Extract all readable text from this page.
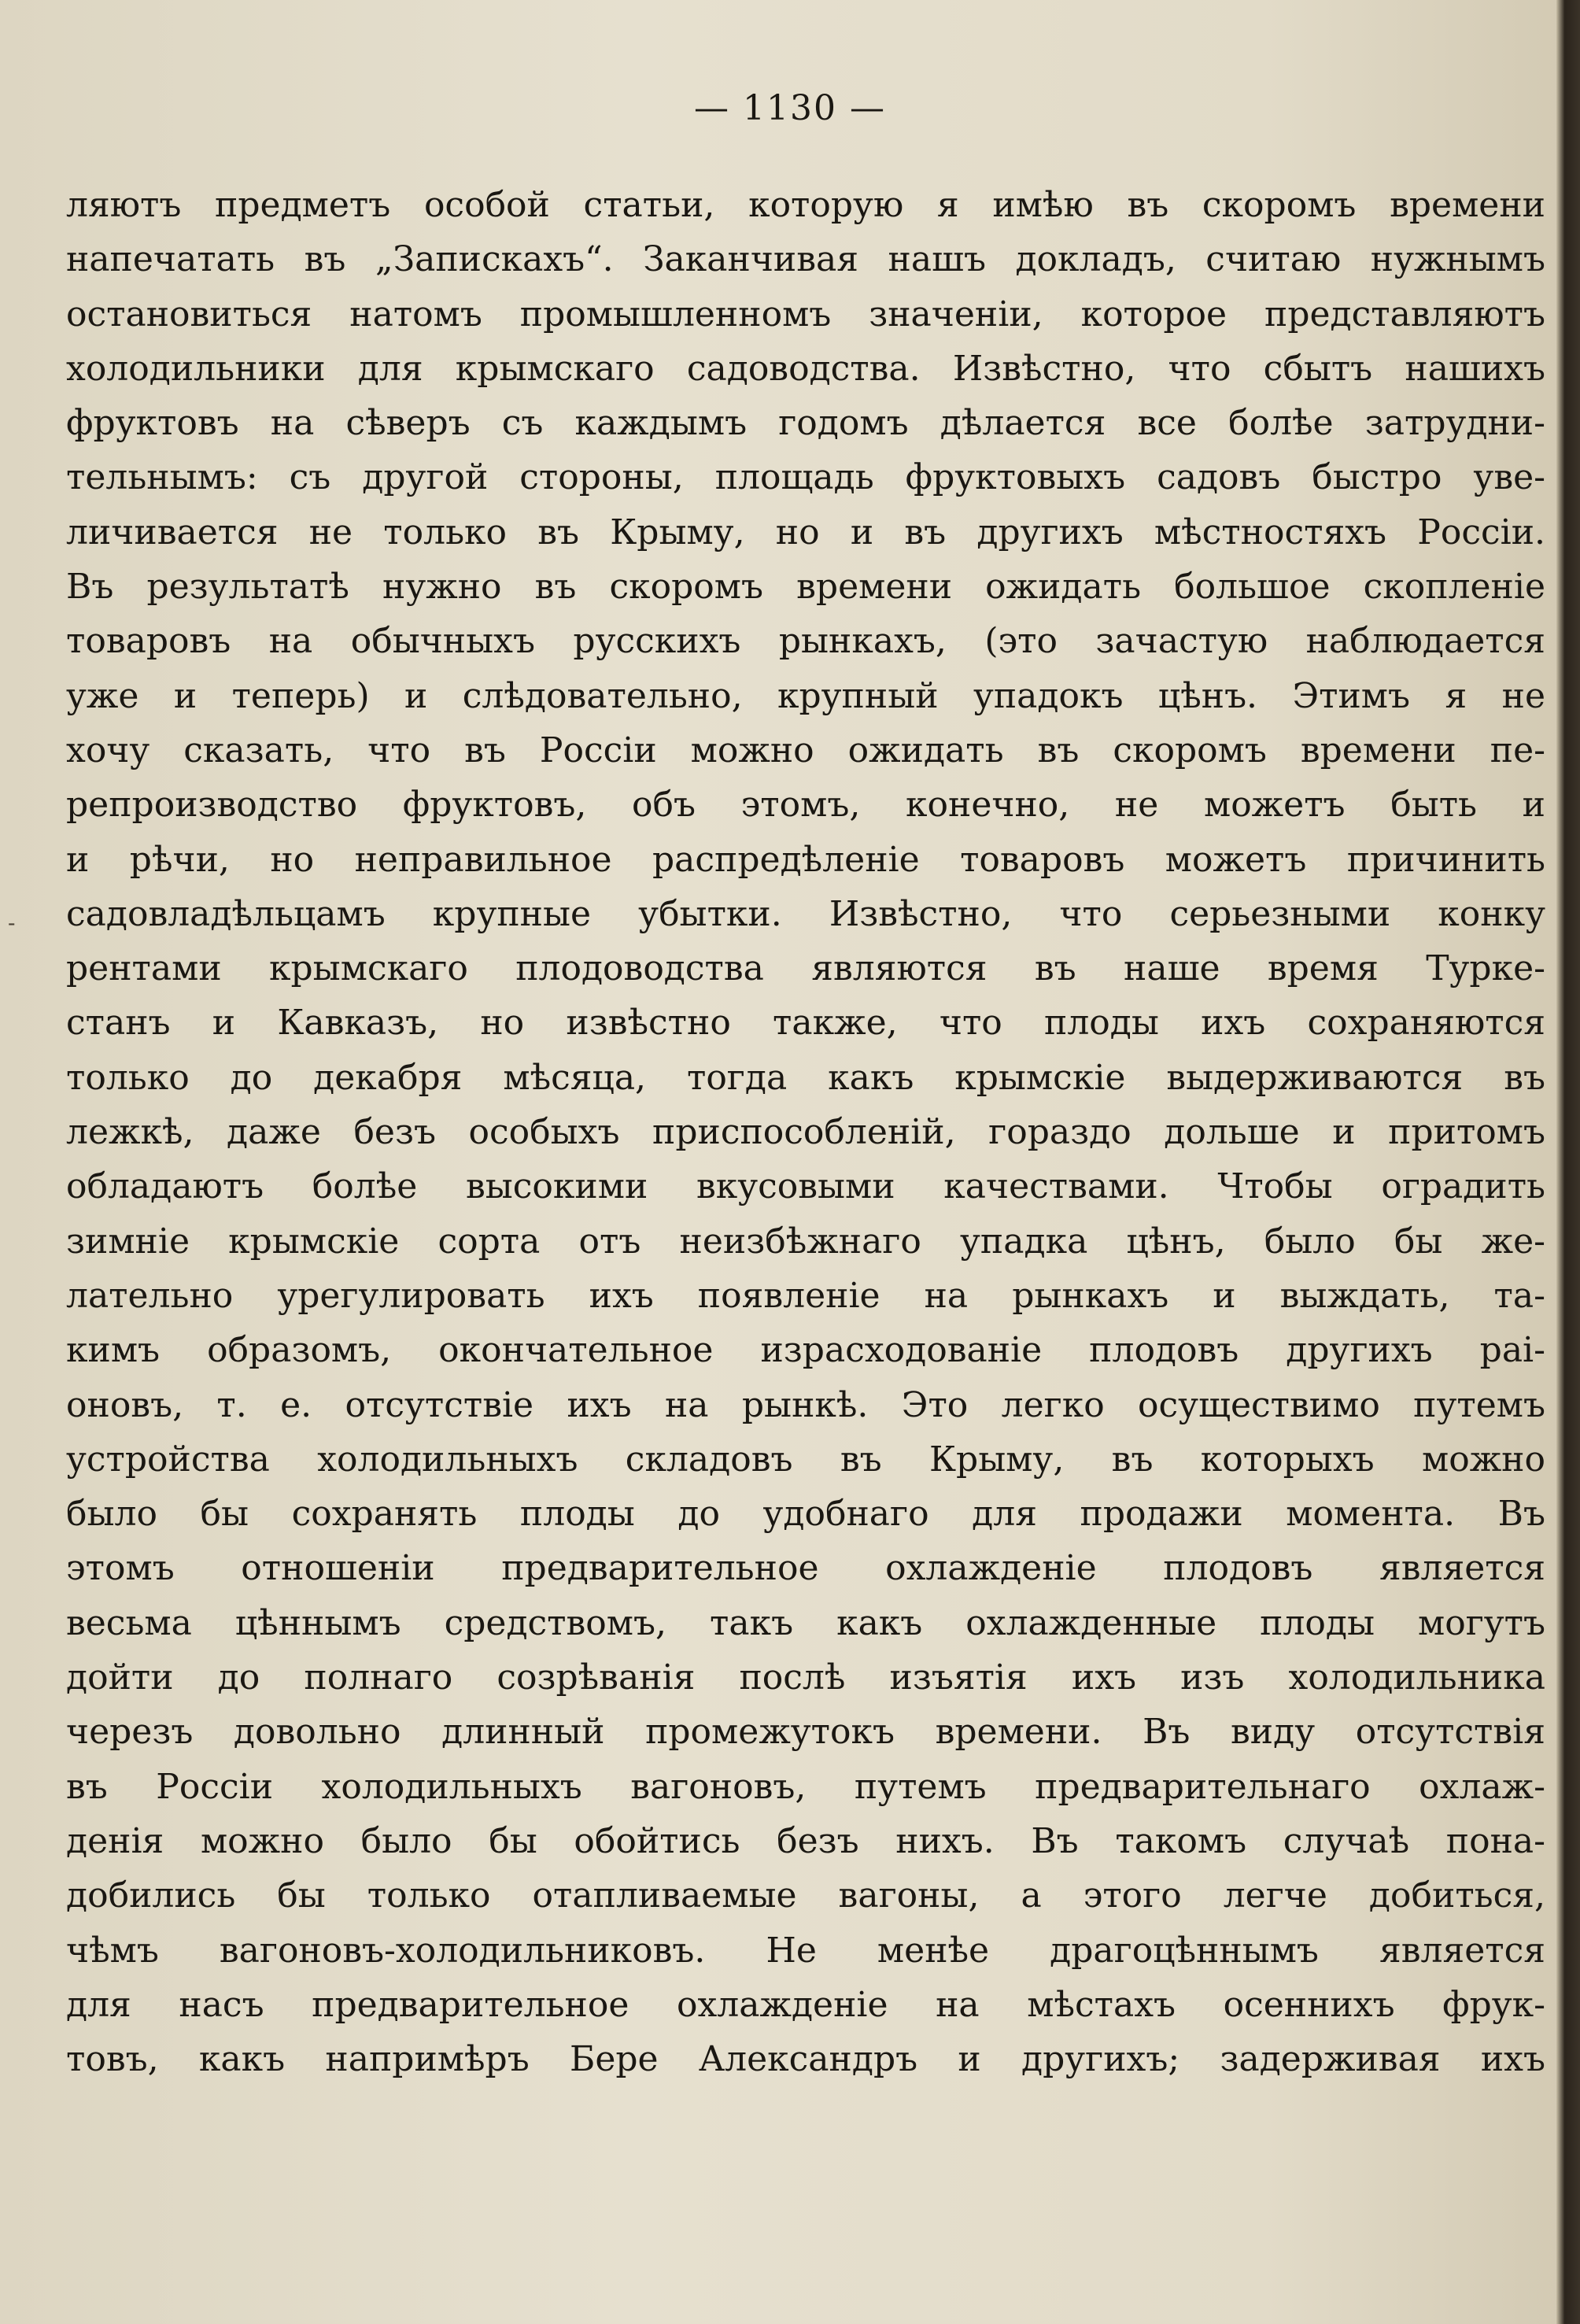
-
— 1130 —
ляютъ предметъ особой статьи, которую я имѣю въ скоромъ времени
напечатать въ „Запискахъ“. Заканчивая нашъ докладъ, считаю нужнымъ
остановиться натомъ промышленномъ значеніи, которое представляютъ
холодильники для крымскаго садоводства. Извѣстно, что сбытъ нашихъ
фруктовъ на сѣверъ съ каждымъ годомъ дѣлается все болѣе затрудни-
тельнымъ: съ другой стороны, площадь фруктовыхъ садовъ быстро уве-
личивается не только въ Крыму, но и въ другихъ мѣстностяхъ Россіи.
Въ результатѣ нужно въ скоромъ времени ожидать большое скопленіе
товаровъ на обычныхъ русскихъ рынкахъ, (это зачастую наблюдается
уже и теперь) и слѣдовательно, крупный упадокъ цѣнъ. Этимъ я не
хочу сказать, что въ Россіи можно ожидать въ скоромъ времени пе-
репроизводство фруктовъ, объ этомъ, конечно, не можетъ быть и
и рѣчи, но неправильное распредѣленіе товаровъ можетъ причинить
садовладѣльцамъ крупные убытки. Извѣстно, что серьезными конку
рентами крымскаго плодоводства являются въ наше время Турке-
станъ и Кавказъ, но извѣстно также, что плоды ихъ сохраняются
только до декабря мѣсяца, тогда какъ крымскіе выдерживаются въ
лежкѣ, даже безъ особыхъ приспособленій, гораздо дольше и притомъ
обладаютъ болѣе высокими вкусовыми качествами. Чтобы оградить
зимніе крымскіе сорта отъ неизбѣжнаго упадка цѣнъ, было бы же-
лательно урегулировать ихъ появленіе на рынкахъ и выждать, та-
кимъ образомъ, окончательное израсходованіе плодовъ другихъ раі-
оновъ, т. е. отсутствіе ихъ на рынкѣ. Это легко осуществимо путемъ
устройства холодильныхъ складовъ въ Крыму, въ которыхъ можно
было бы сохранять плоды до удобнаго для продажи момента. Въ
этомъ отношеніи предварительное охлажденіе плодовъ является
весьма цѣннымъ средствомъ, такъ какъ охлажденные плоды могутъ
дойти до полнаго созрѣванія послѣ изъятія ихъ изъ холодильника
черезъ довольно длинный промежутокъ времени. Въ виду отсутствія
въ Россіи холодильныхъ вагоновъ, путемъ предварительнаго охлаж-
денія можно было бы обойтись безъ нихъ. Въ такомъ случаѣ пона-
добились бы только отапливаемые вагоны, а этого легче добиться,
чѣмъ вагоновъ-холодильниковъ. Не менѣе драгоцѣннымъ является
для насъ предварительное охлажденіе на мѣстахъ осеннихъ фрук-
товъ, какъ напримѣръ Бере Александръ и другихъ; задерживая ихъ
